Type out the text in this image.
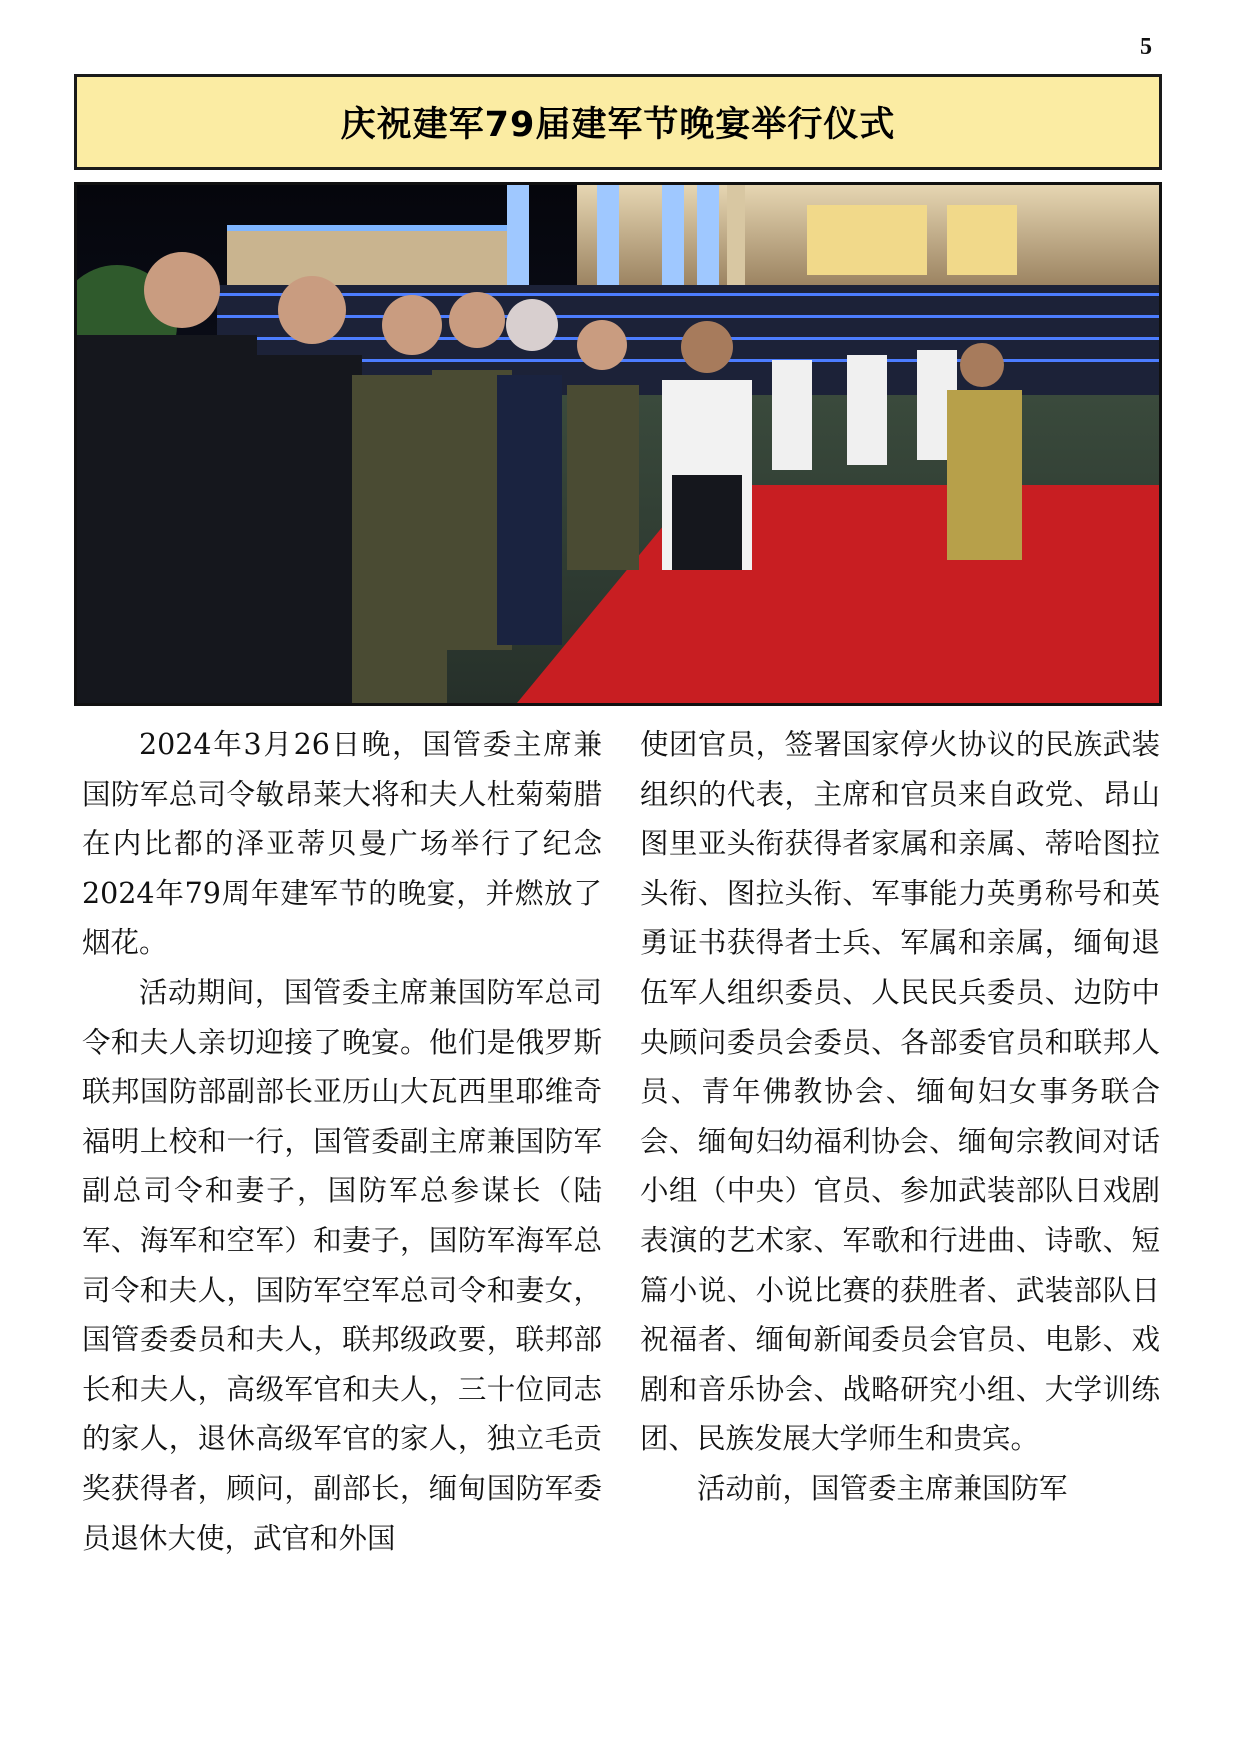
5
庆祝建军79届建军节晚宴举行仪式

2024年3月26日晚，国管委主席兼国防军总司令敏昂莱大将和夫人杜菊菊腊在内比都的泽亚蒂贝曼广场举行了纪念2024年79周年建军节的晚宴，并燃放了烟花。

活动期间，国管委主席兼国防军总司令和夫人亲切迎接了晚宴。他们是俄罗斯联邦国防部副部长亚历山大瓦西里耶维奇福明上校和一行，国管委副主席兼国防军副总司令和妻子，国防军总参谋长（陆军、海军和空军）和妻子，国防军海军总司令和夫人，国防军空军总司令和妻女，国管委委员和夫人，联邦级政要，联邦部长和夫人，高级军官和夫人，三十位同志的家人，退休高级军官的家人，独立毛贡奖获得者，顾问，副部长，缅甸国防军委员退休大使，武官和外国

使团官员，签署国家停火协议的民族武装组织的代表，主席和官员来自政党、昂山图里亚头衔获得者家属和亲属、蒂哈图拉头衔、图拉头衔、军事能力英勇称号和英勇证书获得者士兵、军属和亲属，缅甸退伍军人组织委员、人民民兵委员、边防中央顾问委员会委员、各部委官员和联邦人员、青年佛教协会、缅甸妇女事务联合会、缅甸妇幼福利协会、缅甸宗教间对话小组（中央）官员、参加武装部队日戏剧表演的艺术家、军歌和行进曲、诗歌、短篇小说、小说比赛的获胜者、武装部队日祝福者、缅甸新闻委员会官员、电影、戏剧和音乐协会、战略研究小组、大学训练团、民族发展大学师生和贵宾。

活动前，国管委主席兼国防军
